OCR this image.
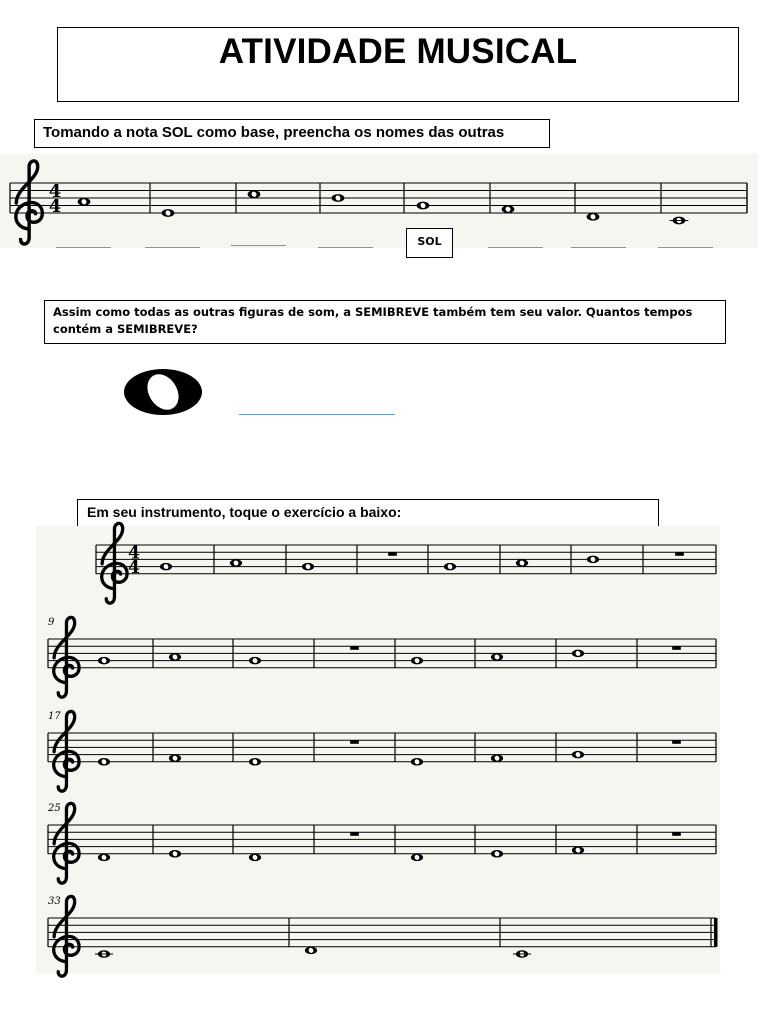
ATIVIDADE MUSICAL
Tomando a nota SOL como base, preencha os nomes das outras
4
4
SOL
Assim como todas as outras figuras de som, a SEMIBREVE também tem seu valor. Quantos tempos contém a SEMIBREVE?
Em seu instrumento, toque o exercício a baixo:
4
4
9
17
25
33
